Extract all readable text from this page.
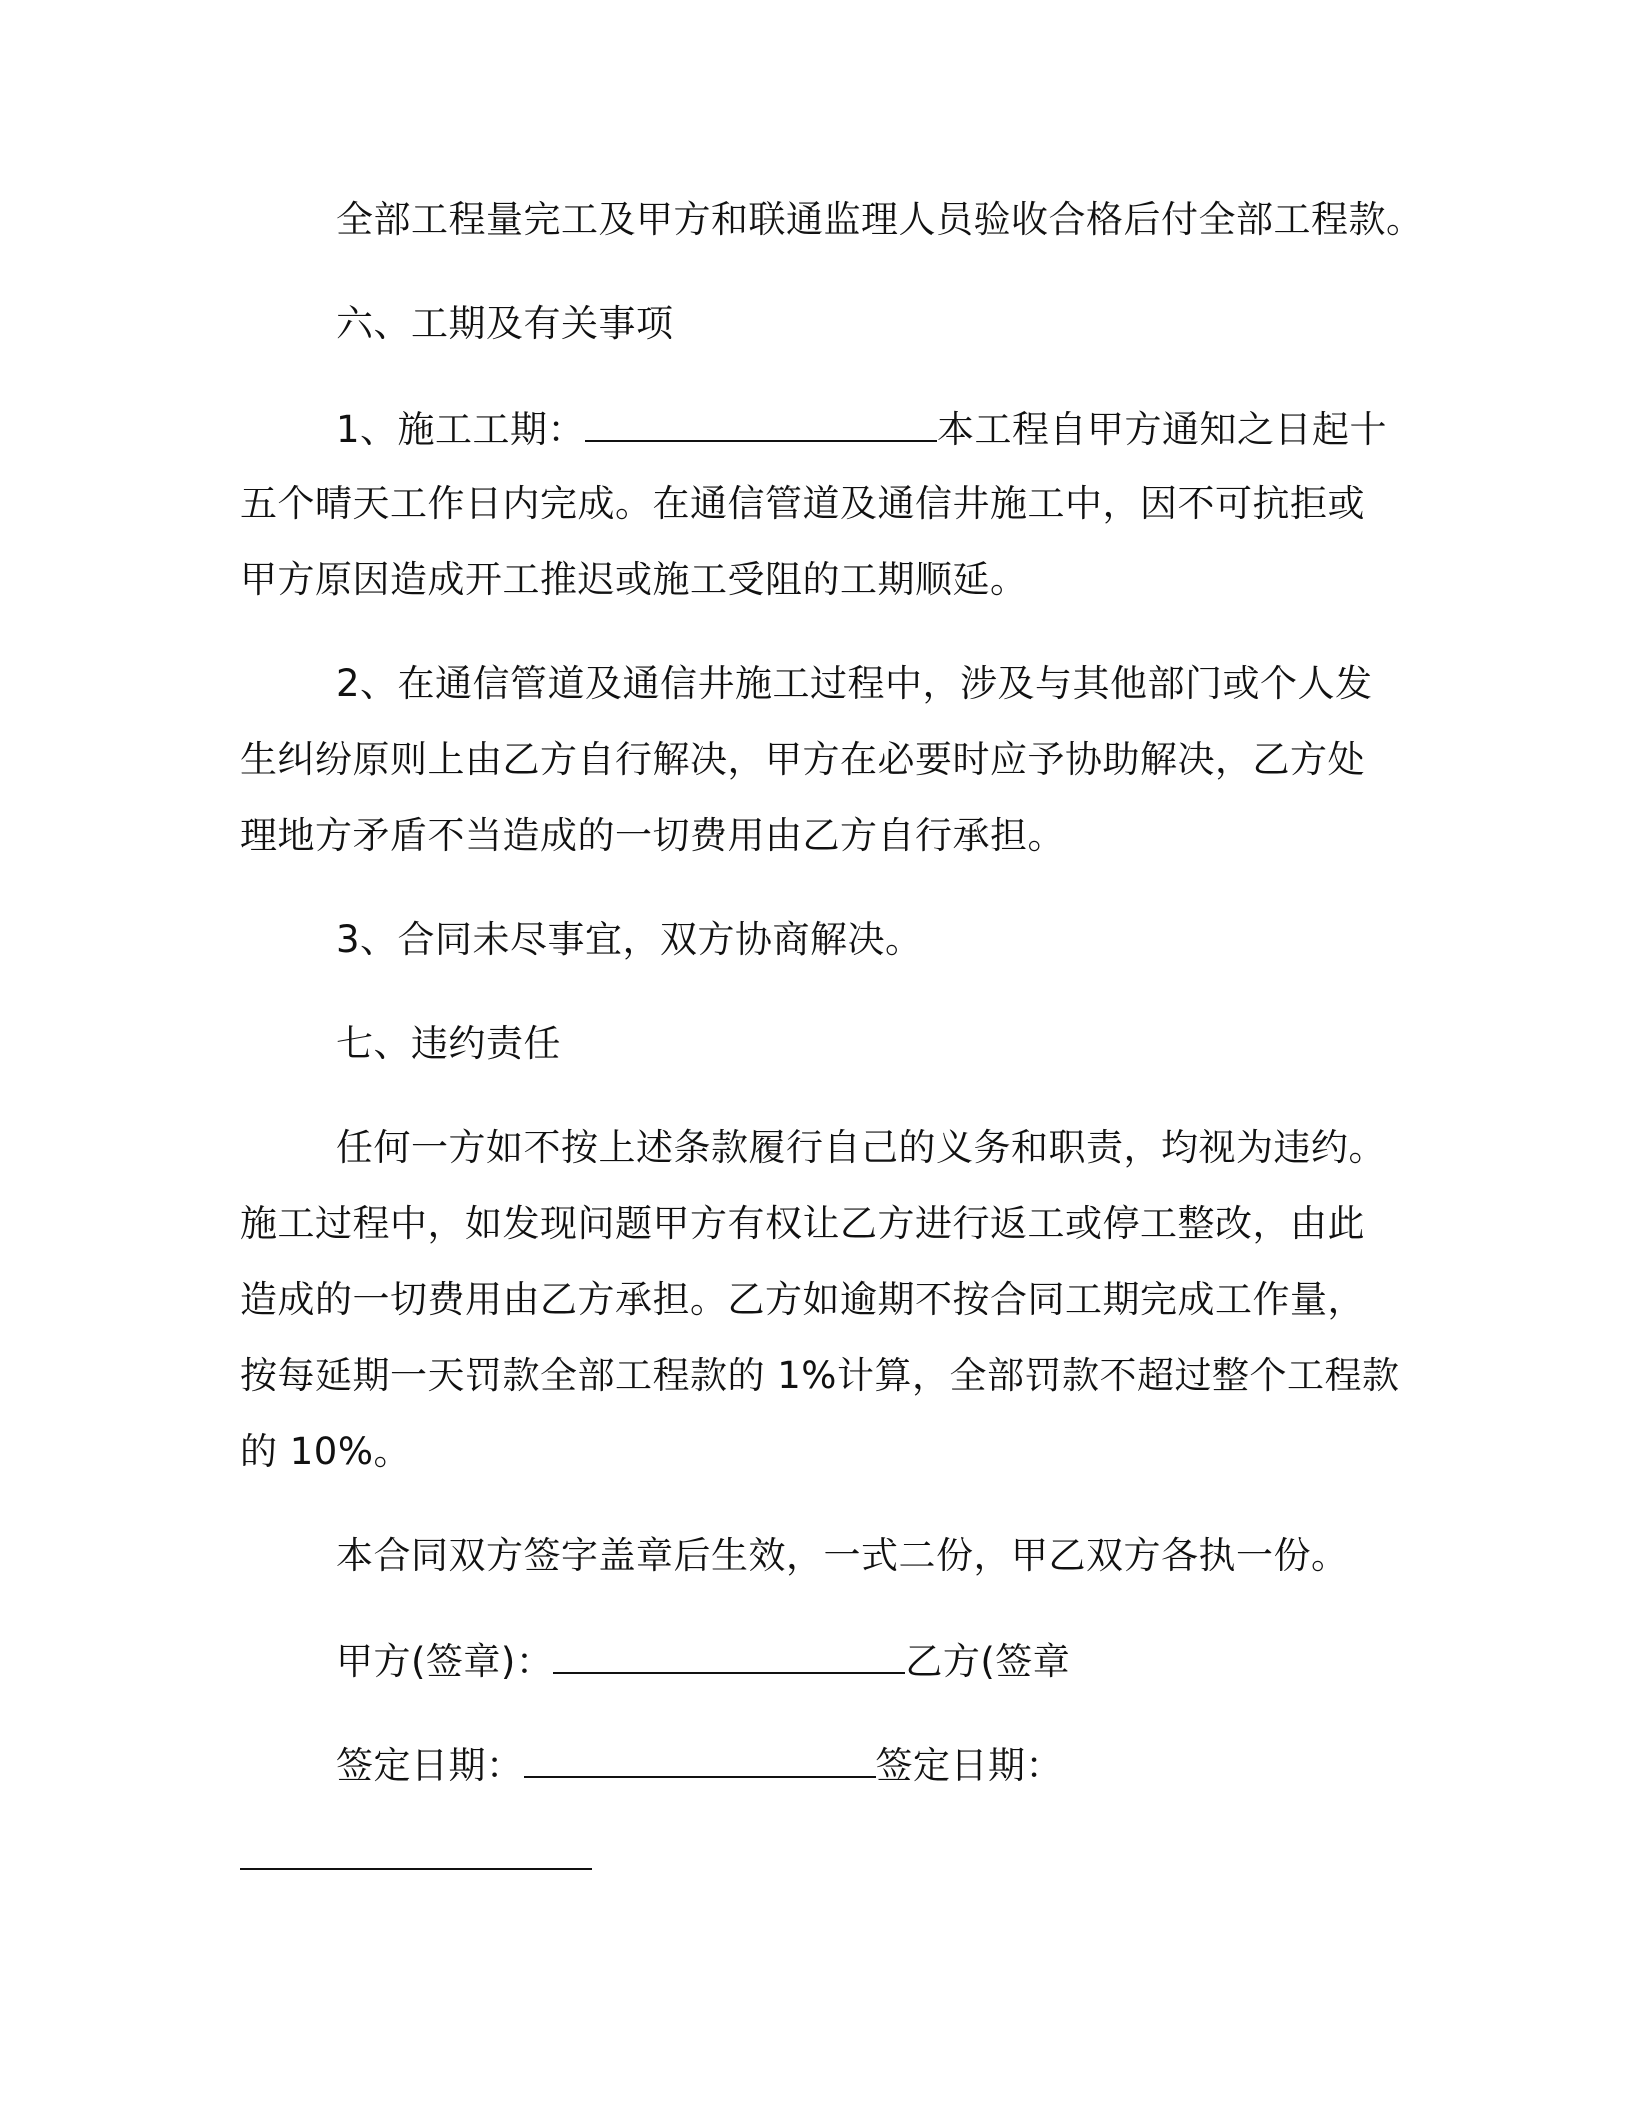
全部工程量完工及甲方和联通监理人员验收合格后付全部工程款。
六、工期及有关事项
1、施工工期：	本工程自甲方通知之日起十
五个晴天工作日内完成。在通信管道及通信井施工中，因不可抗拒或
甲方原因造成开工推迟或施工受阻的工期顺延。
2、在通信管道及通信井施工过程中，涉及与其他部门或个人发
生纠纷原则上由乙方自行解决，甲方在必要时应予协助解决，乙方处
理地方矛盾不当造成的一切费用由乙方自行承担。
3、合同未尽事宜，双方协商解决。
七、违约责任
任何一方如不按上述条款履行自己的义务和职责，均视为违约。
施工过程中，如发现问题甲方有权让乙方进行返工或停工整改，由此
造成的一切费用由乙方承担。乙方如逾期不按合同工期完成工作量，
按每延期一天罚款全部工程款的 1%计算，全部罚款不超过整个工程款
的 10%。
本合同双方签字盖章后生效，一式二份，甲乙双方各执一份。
甲方(签章)：	乙方(签章
签定日期：	签定日期：
